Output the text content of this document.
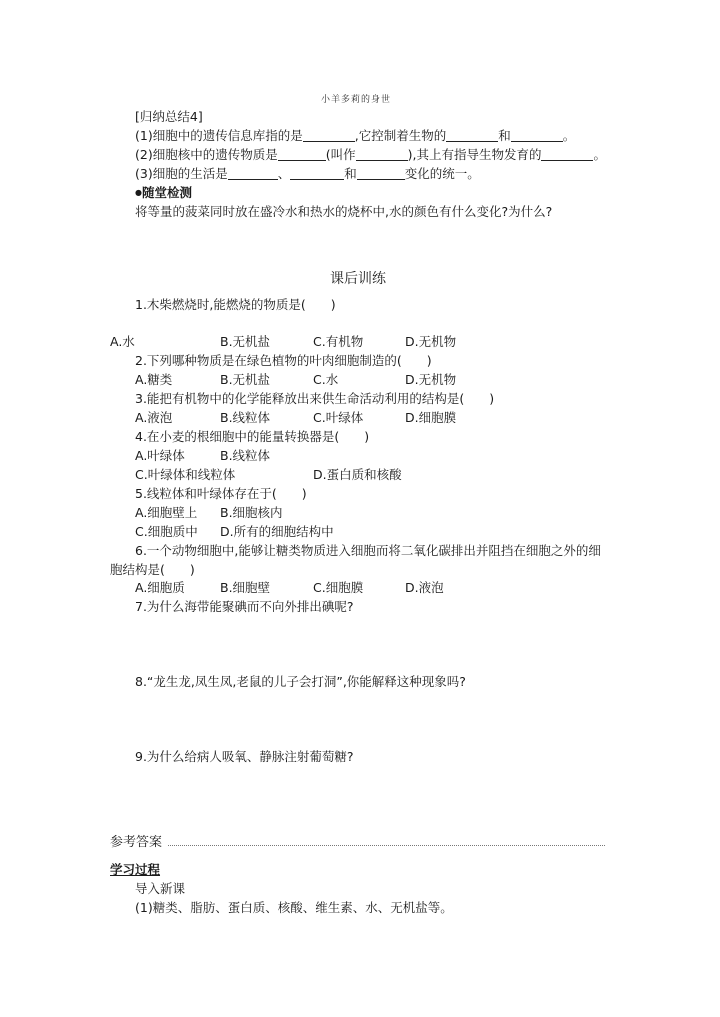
小羊多莉的身世
[归纳总结4]
(1)细胞中的遗传信息库指的是	,它控制着生物的	和	。
(2)细胞核中的遗传物质是	(叫作	),其上有指导生物发育的	。
(3)细胞的生活是	、	和	变化的统一。
●随堂检测
将等量的菠菜同时放在盛冷水和热水的烧杯中,水的颜色有什么变化?为什么?
课后训练
1.木柴燃烧时,能燃烧的物质是(　　)
A.水	B.无机盐	C.有机物	D.无机物
2.下列哪种物质是在绿色植物的叶肉细胞制造的(　　)
A.糖类	B.无机盐	C.水	D.无机物
3.能把有机物中的化学能释放出来供生命活动利用的结构是(　　)
A.液泡	B.线粒体	C.叶绿体	D.细胞膜
4.在小麦的根细胞中的能量转换器是(　　)
A.叶绿体	B.线粒体
C.叶绿体和线粒体	D.蛋白质和核酸
5.线粒体和叶绿体存在于(　　)
A.细胞壁上 B.细胞核内
C.细胞质中 D.所有的细胞结构中
6.一个动物细胞中,能够让糖类物质进入细胞而将二氧化碳排出并阻挡在细胞之外的细
胞结构是(　　)
A.细胞质	B.细胞壁	C.细胞膜	D.液泡
7.为什么海带能聚碘而不向外排出碘呢?
8.“龙生龙,凤生凤,老鼠的儿子会打洞”,你能解释这种现象吗?
9.为什么给病人吸氧、静脉注射葡萄糖?
参考答案
学习过程
导入新课
(1)糖类、脂肪、蛋白质、核酸、维生素、水、无机盐等。
